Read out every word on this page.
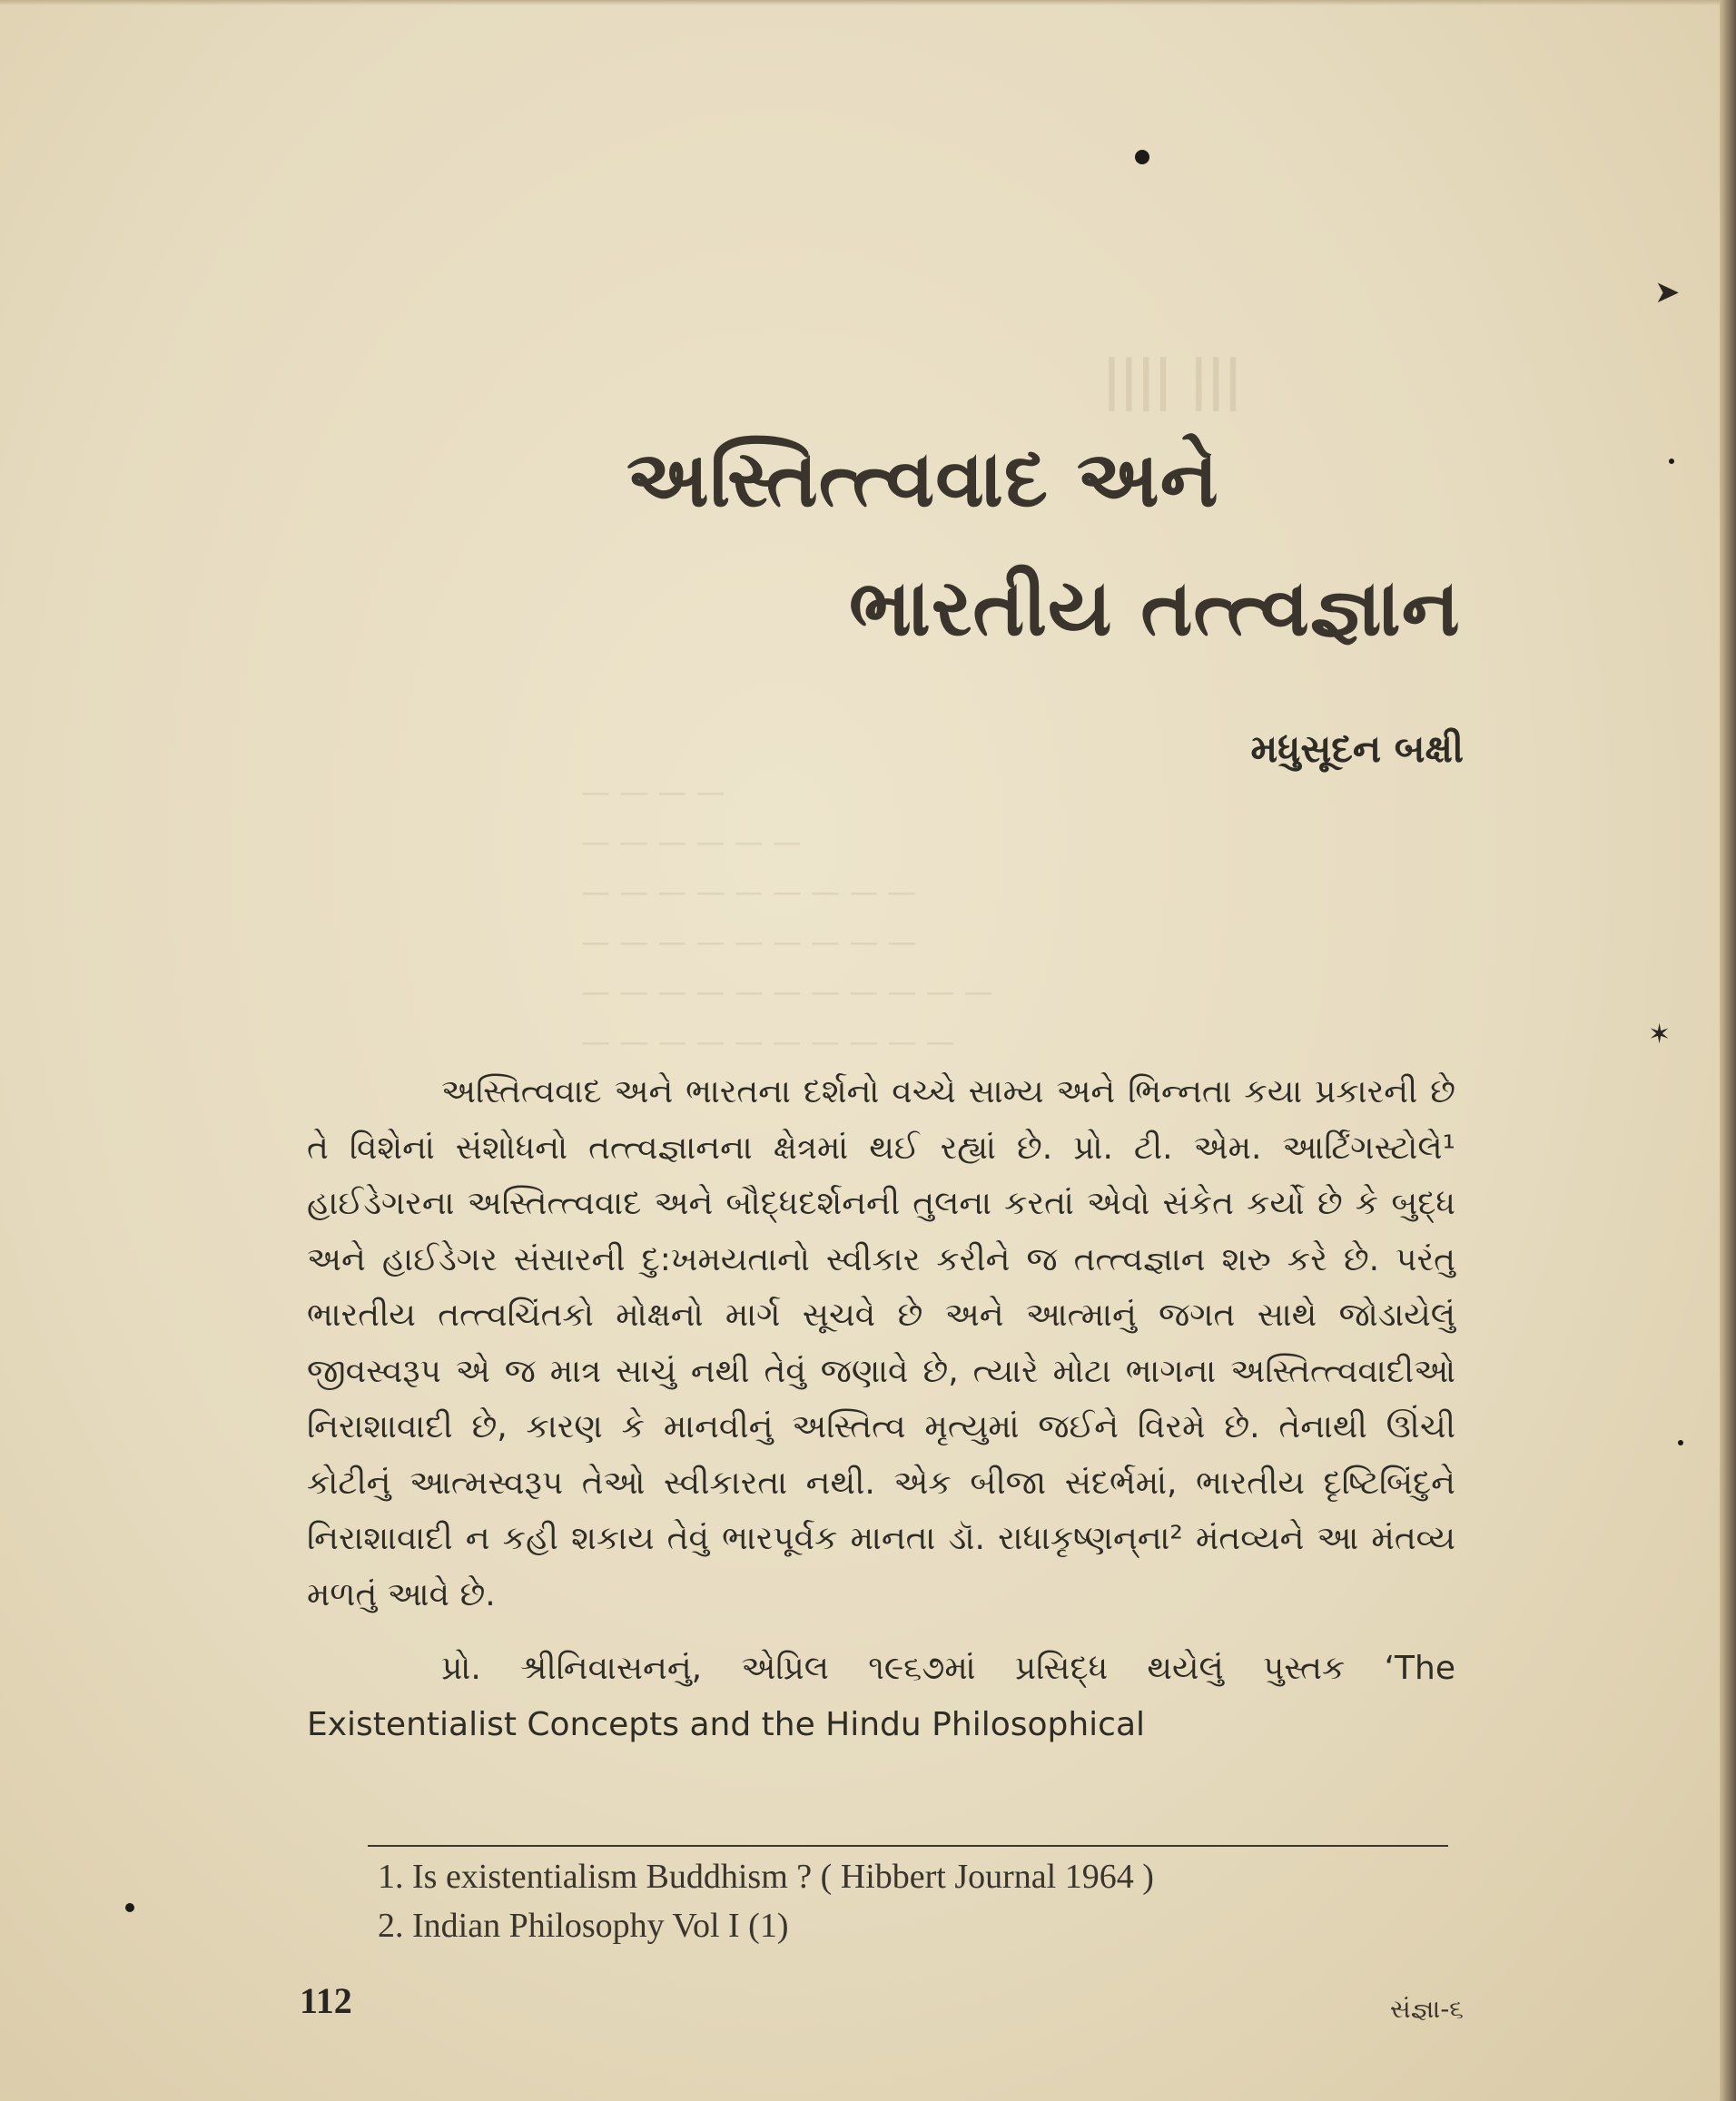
➤
✶
ꟾꟾꟾꟾ ꟾꟾꟾ
— — — —
— — — — — —
— — — — — — — — —
— — — — — — — — —
— — — — — — — — — — —
— — — — — — — — — —
અસ્તિત્ત્વવાદ અને
ભારતીય તત્ત્વજ્ઞાન
મધુસૂદન બક્ષી

અસ્તિત્વવાદ અને ભારતના દર્શનો વચ્ચે સામ્ય અને ભિન્નતા કયા પ્રકારની છે તે વિશેનાં સંશોધનો તત્ત્વજ્ઞાનના ક્ષેત્રમાં થઈ રહ્યાં છે. પ્રો. ટી. એમ. આર્ટિંગસ્ટોલે¹ હાઈડેગરના અસ્તિત્ત્વવાદ અને બૌદ્ધદર્શનની તુલના કરતાં એવો સંકેત કર્યો છે કે બુદ્ધ અને હાઈડેગર સંસારની દુ:ખમયતાનો સ્વીકાર કરીને જ તત્ત્વજ્ઞાન શરુ કરે છે. પરંતુ ભારતીય તત્ત્વચિંતકો મોક્ષનો માર્ગ સૂચવે છે અને આત્માનું જગત સાથે જોડાયેલું જીવસ્વરૂપ એ જ માત્ર સાચું નથી તેવું જણાવે છે, ત્યારે મોટા ભાગના અસ્તિત્ત્વવાદીઓ નિરાશાવાદી છે, કારણ કે માનવીનું અસ્તિત્વ મૃત્યુમાં જઈને વિરમે છે. તેનાથી ઊંચી કોટીનું આત્મસ્વરૂપ તેઓ સ્વીકારતા નથી. એક બીજા સંદર્ભમાં, ભારતીય દૃષ્ટિબિંદુને નિરાશાવાદી ન કહી શકાય તેવું ભારપૂર્વક માનતા ડૉ. રાધાકૃષ્ણન્‌ના² મંતવ્યને આ મંતવ્ય મળતું આવે છે.

પ્રો. શ્રીનિવાસનનું, એપ્રિલ ૧૯૬૭માં પ્રસિદ્ધ થયેલું પુસ્તક ‘The Existentialist Concepts and the Hindu Philosophical

1. Is existentialism Buddhism ? ( Hibbert Journal 1964 )
2. Indian Philosophy Vol I (1)
112	સંજ્ઞા-૬
